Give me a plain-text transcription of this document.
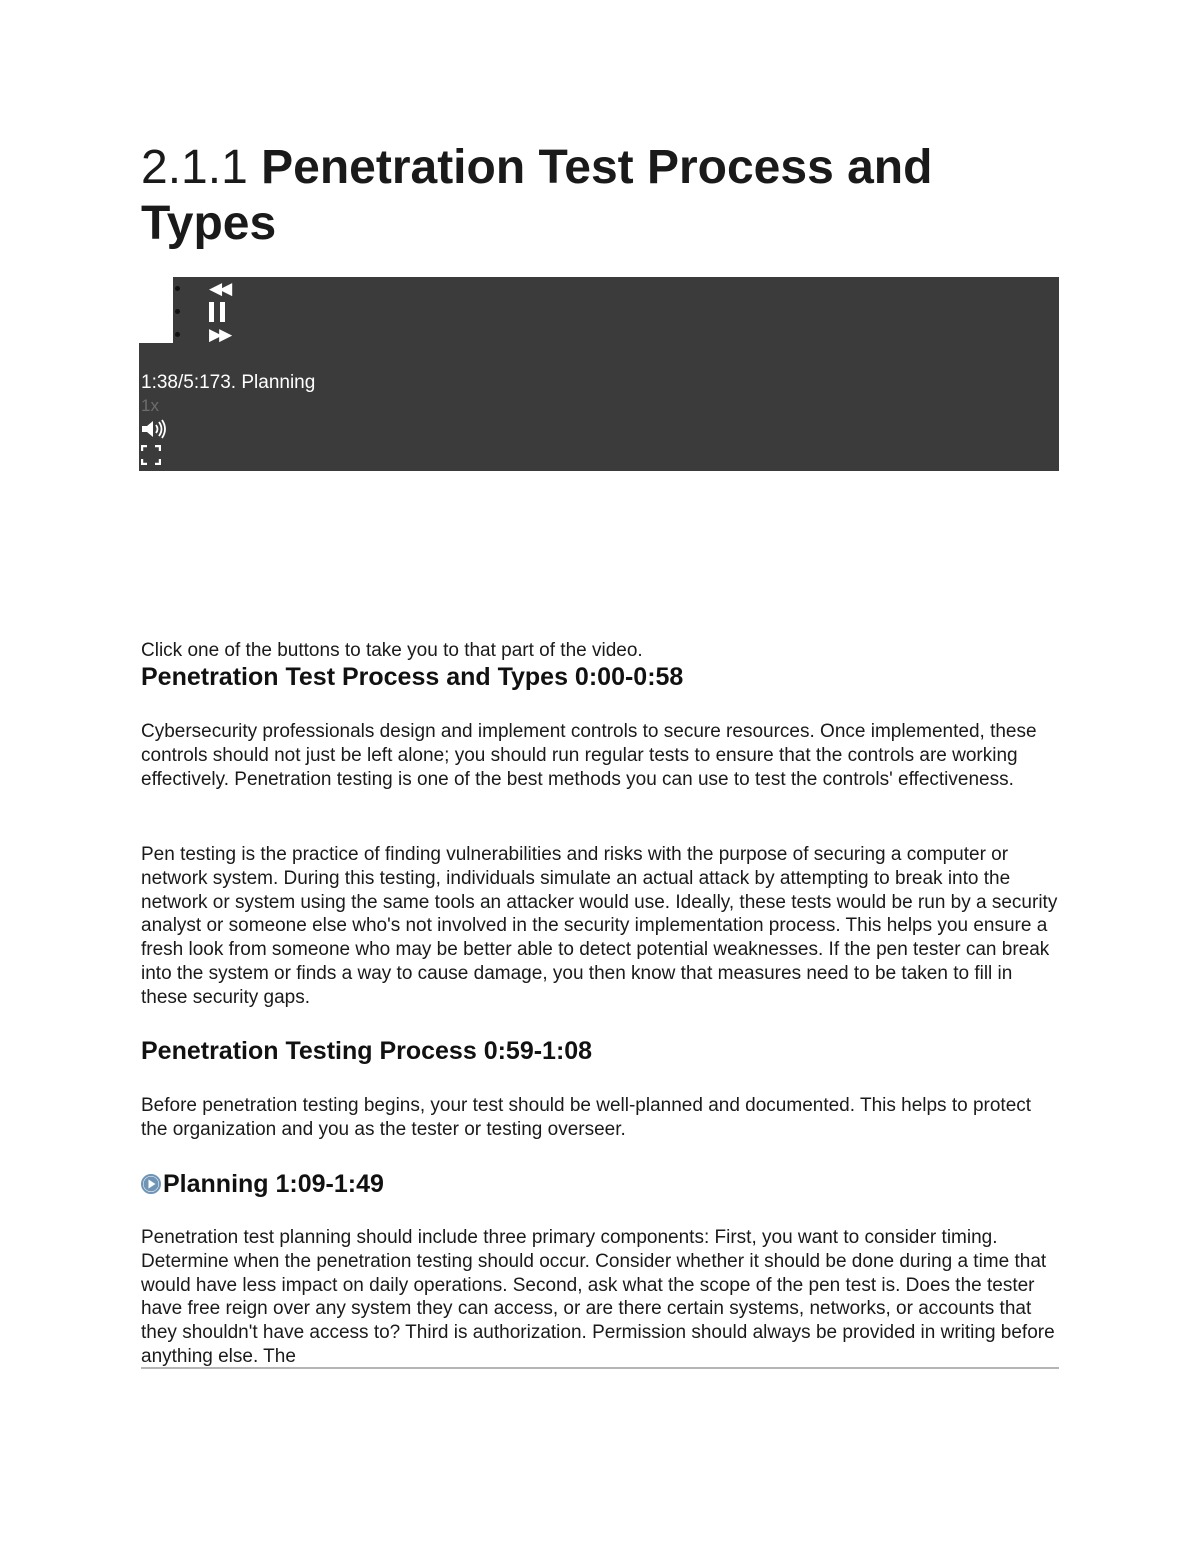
2.1.1 Penetration Test Process and Types
◀◀
▶▶
1:38/5:173. Planning
1x

Click one of the buttons to take you to that part of the video.

Penetration Test Process and Types 0:00-0:58

Cybersecurity professionals design and implement controls to secure resources. Once implemented, these controls should not just be left alone; you should run regular tests to ensure that the controls are working effectively. Penetration testing is one of the best methods you can use to test the controls' effectiveness.

Pen testing is the practice of finding vulnerabilities and risks with the purpose of securing a computer or network system. During this testing, individuals simulate an actual attack by attempting to break into the network or system using the same tools an attacker would use. Ideally, these tests would be run by a security analyst or someone else who's not involved in the security implementation process. This helps you ensure a fresh look from someone who may be better able to detect potential weaknesses. If the pen tester can break into the system or finds a way to cause damage, you then know that measures need to be taken to fill in these security gaps.

Penetration Testing Process 0:59-1:08

Before penetration testing begins, your test should be well-planned and documented. This helps to protect the organization and you as the tester or testing overseer.

Planning 1:09-1:49

Penetration test planning should include three primary components: First, you want to consider timing. Determine when the penetration testing should occur. Consider whether it should be done during a time that would have less impact on daily operations. Second, ask what the scope of the pen test is. Does the tester have free reign over any system they can access, or are there certain systems, networks, or accounts that they shouldn't have access to? Third is authorization. Permission should always be provided in writing before anything else. The
